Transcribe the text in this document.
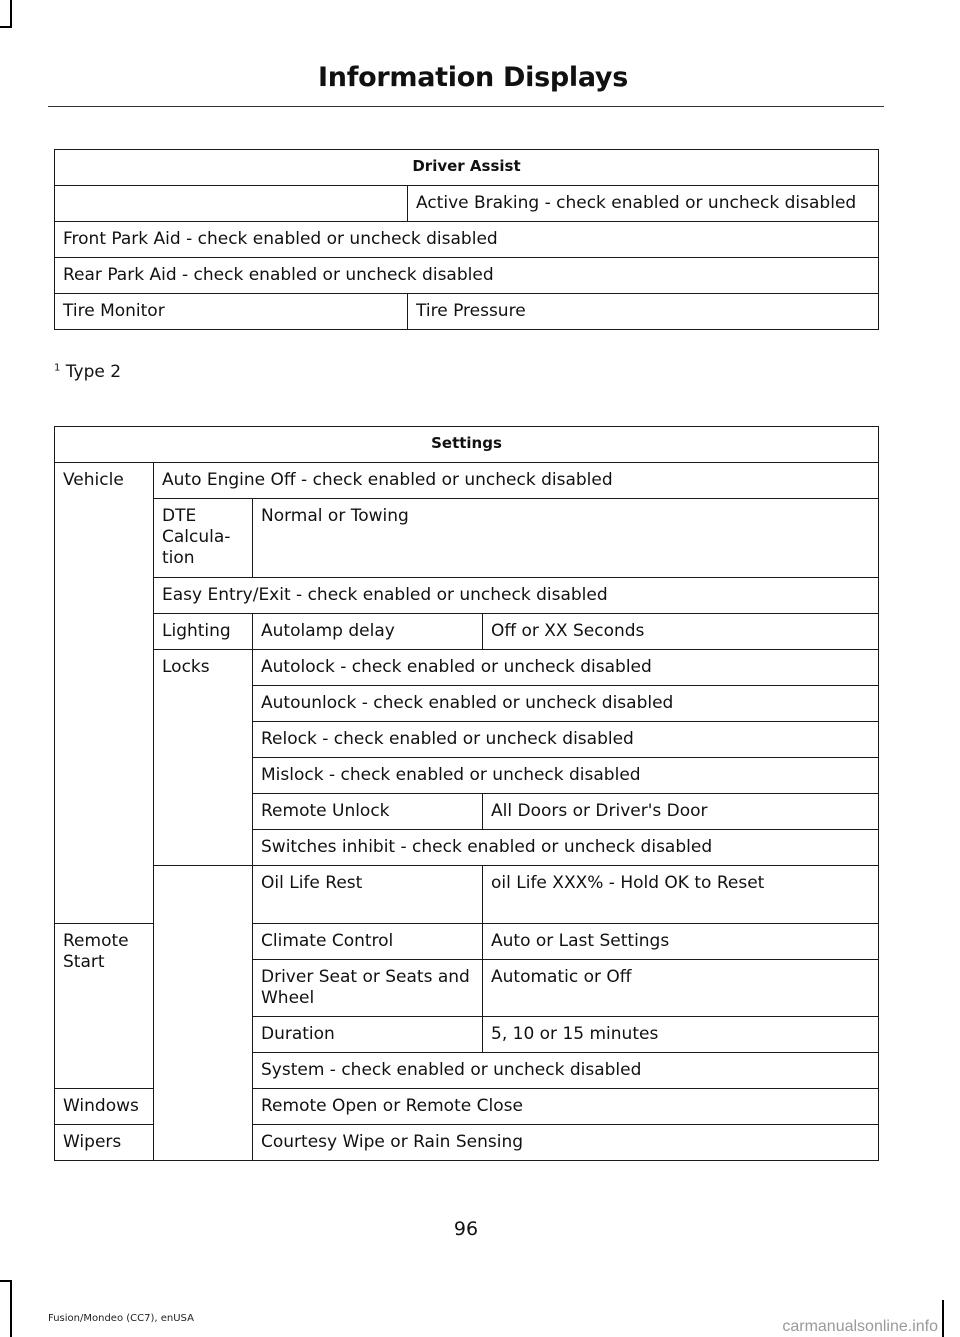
Information Displays
Driver Assist	
	Active Braking - check enabled or uncheck disabled
Front Park Aid - check enabled or uncheck disabled	
Rear Park Aid - check enabled or uncheck disabled	
Tire Monitor	Tire Pressure
$^1$ Type 2
Settings			
Vehicle	Auto Engine Off - check enabled or uncheck disabled		
	DTE Calcula-tion	Normal or Towing	
	Easy Entry/Exit - check enabled or uncheck disabled		
	Lighting	Autolamp delay	Off or XX Seconds
	Locks	Autolock - check enabled or uncheck disabled	
		Autounlock - check enabled or uncheck disabled	
		Relock - check enabled or uncheck disabled	
		Mislock - check enabled or uncheck disabled	
		Remote Unlock	All Doors or Driver's Door
		Switches inhibit - check enabled or uncheck disabled	
		Oil Life Rest	oil Life XXX% - Hold OK to Reset
Remote Start		Climate Control	Auto or Last Settings
		Driver Seat or Seats and Wheel	Automatic or Off
		Duration	5, 10 or 15 minutes
		System - check enabled or uncheck disabled	
Windows		Remote Open or Remote Close	
Wipers		Courtesy Wipe or Rain Sensing	
96
Fusion/Mondeo (CC7), enUSA	carmanualsonline.info
